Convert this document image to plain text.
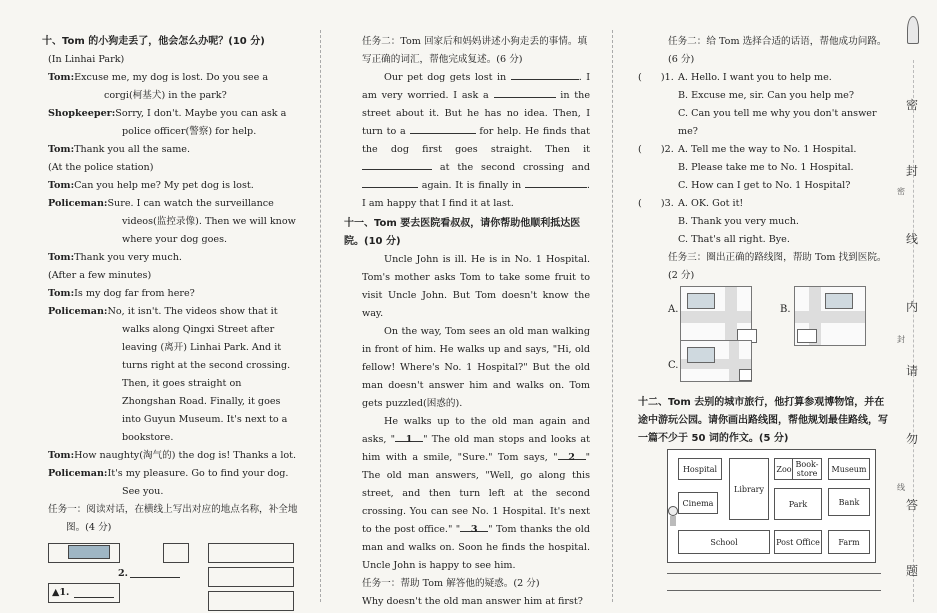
十、Tom 的小狗走丢了，他会怎么办呢？(10 分)

(In Linhai Park)

Tom:Excuse me, my dog is lost. Do you see a corgi(柯基犬) in the park?

Shopkeeper:Sorry, I don't. Maybe you can ask a police officer(警察) for help.

Tom:Thank you all the same.

(At the police station)

Tom:Can you help me? My pet dog is lost.

Policeman:Sure. I can watch the surveillance videos(监控录像). Then we will know where your dog goes.

Tom:Thank you very much.

(After a few minutes)

Tom:Is my dog far from here?

Policeman:No, it isn't. The videos show that it walks along Qingxi Street after leaving (离开) Linhai Park. And it turns right at the second crossing. Then, it goes straight on Zhongshan Road. Finally, it goes into Guyun Museum. It's next to a bookstore.

Tom:How naughty(淘气的) the dog is! Thanks a lot.

Policeman:It's my pleasure. Go to find your dog. See you.

任务一：阅读对话，在横线上写出对应的地点名称，补全地图。(4 分)

2.
▲1.

任务二：Tom 回家后和妈妈讲述小狗走丢的事情。填写正确的词汇，帮他完成复述。(6 分)

Our pet dog gets lost in	. I am very worried. I ask a	in the street about it. But he has no idea. Then, I turn to a	for help. He finds that the dog first goes straight. Then it  at the second crossing and  again. It is finally in	. I am happy that I find it at last.

十一、Tom 要去医院看叔叔，请你帮助他顺利抵达医院。(10 分)

Uncle John is ill. He is in No. 1 Hospital. Tom's mother asks Tom to take some fruit to visit Uncle John. But Tom doesn't know the way.

On the way, Tom sees an old man walking in front of him. He walks up and says, "Hi, old fellow! Where's No. 1 Hospital?" But the old man doesn't answer him and walks on. Tom gets puzzled(困惑的).

He walks up to the old man again and asks, " 1 " The old man stops and looks at him with a smile, "Sure." Tom says, " 2 " The old man answers, "Well, go along this street, and then turn left at the second crossing. You can see No. 1 Hospital. It's next to the post office." " 3 " Tom thanks the old man and walks on. Soon he finds the hospital. Uncle John is happy to see him.

任务一：帮助 Tom 解答他的疑惑。(2 分)

Why doesn't the old man answer him at first?

任务二：给 Tom 选择合适的话语，帮他成功问路。(6 分)

(　　)1. A. Hello. I want you to help me.

B. Excuse me, sir. Can you help me?

C. Can you tell me why you don't answer me?

(　　)2. A. Tell me the way to No. 1 Hospital.

B. Please take me to No. 1 Hospital.

C. How can I get to No. 1 Hospital?

(　　)3. A. OK. Got it!

B. Thank you very much.

C. That's all right. Bye.

任务三：圈出正确的路线图，帮助 Tom 找到医院。(2 分)

A.	B.
C.

十二、Tom 去别的城市旅行，他打算参观博物馆，并在途中游玩公园。请你画出路线图，帮他规划最佳路线，写一篇不少于 50 词的作文。(5 分)

Hospital
Library
Zoo Book-store	Museum
Cinema	Park	Bank
School	Post Office	Farm
密
封
线
内
请
勿
答
题
密
封
线
